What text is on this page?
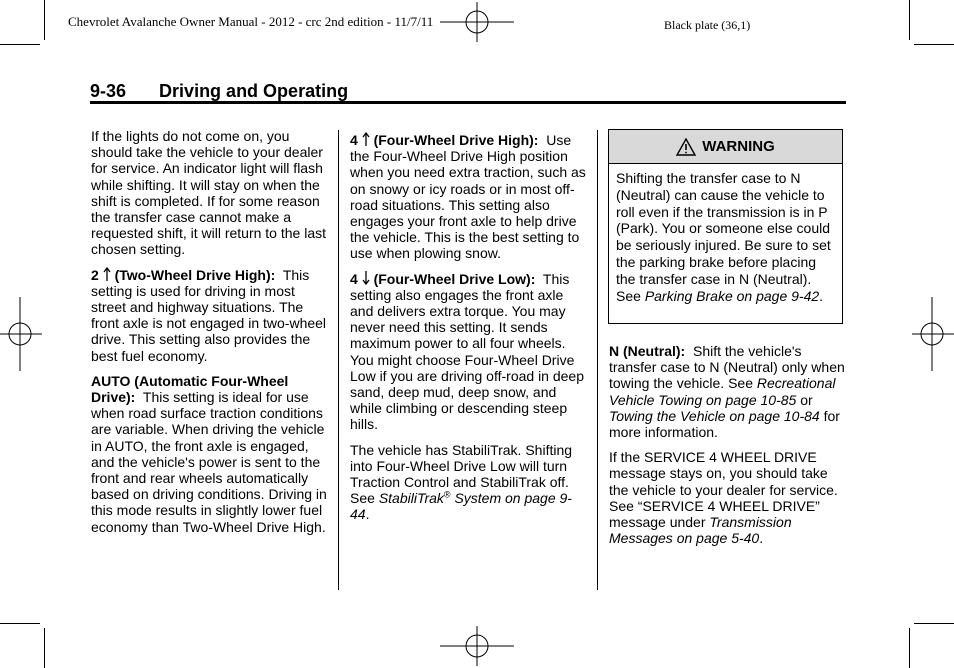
Chevrolet Avalanche Owner Manual - 2012 - crc 2nd edition - 11/7/11	Black plate (36,1)
9-36 Driving and Operating

If the lights do not come on, you should take the vehicle to your dealer for service. An indicator light will flash while shifting. It will stay on when the shift is completed. If for some reason the transfer case cannot make a requested shift, it will return to the last chosen setting.

2 (Two-Wheel Drive High): This setting is used for driving in most street and highway situations. The front axle is not engaged in two-wheel drive. This setting also provides the best fuel economy.

AUTO (Automatic Four-Wheel Drive): This setting is ideal for use when road surface traction conditions are variable. When driving the vehicle in AUTO, the front axle is engaged, and the vehicle's power is sent to the front and rear wheels automatically based on driving conditions. Driving in this mode results in slightly lower fuel economy than Two-Wheel Drive High.

4 (Four-Wheel Drive High): Use the Four-Wheel Drive High position when you need extra traction, such as on snowy or icy roads or in most off-road situations. This setting also engages your front axle to help drive the vehicle. This is the best setting to use when plowing snow.

4 (Four-Wheel Drive Low): This setting also engages the front axle and delivers extra torque. You may never need this setting. It sends maximum power to all four wheels. You might choose Four-Wheel Drive Low if you are driving off-road in deep sand, deep mud, deep snow, and while climbing or descending steep hills.

The vehicle has StabiliTrak. Shifting into Four-Wheel Drive Low will turn Traction Control and StabiliTrak off. See StabiliTrak® System on page 9-44.

WARNING
Shifting the transfer case to N (Neutral) can cause the vehicle to roll even if the transmission is in P (Park). You or someone else could be seriously injured. Be sure to set the parking brake before placing the transfer case in N (Neutral). See Parking Brake on page 9-42.

N (Neutral): Shift the vehicle's transfer case to N (Neutral) only when towing the vehicle. See Recreational Vehicle Towing on page 10-85 or Towing the Vehicle on page 10-84 for more information.

If the SERVICE 4 WHEEL DRIVE message stays on, you should take the vehicle to your dealer for service. See “SERVICE 4 WHEEL DRIVE” message under Transmission Messages on page 5-40.
